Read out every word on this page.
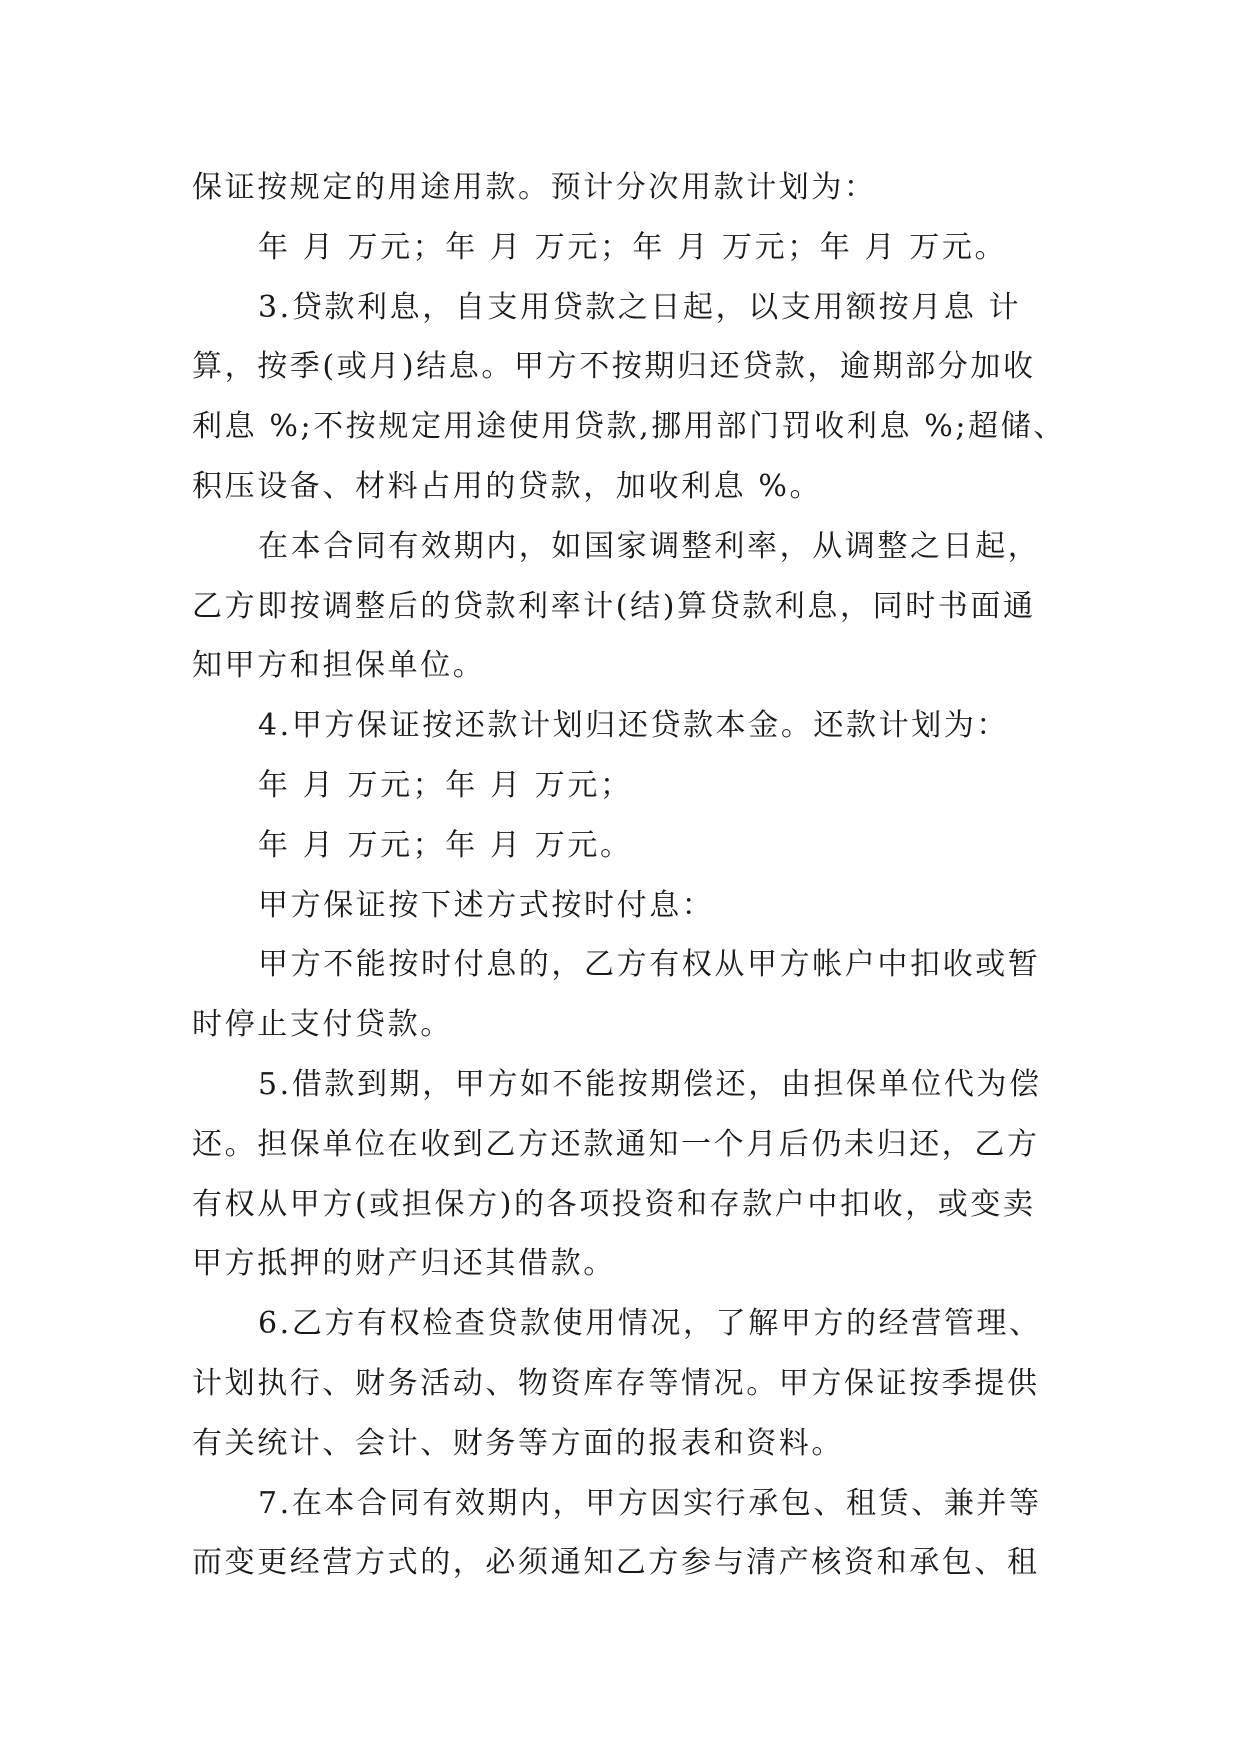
保证按规定的用途用款。预计分次用款计划为：
年 月 万元；年 月 万元；年 月 万元；年 月 万元。
3.贷款利息，自支用贷款之日起，以支用额按月息 计
算，按季(或月)结息。甲方不按期归还贷款，逾期部分加收
利息 %;不按规定用途使用贷款,挪用部门罚收利息 %;超储、
积压设备、材料占用的贷款，加收利息 %。
在本合同有效期内，如国家调整利率，从调整之日起，
乙方即按调整后的贷款利率计(结)算贷款利息，同时书面通
知甲方和担保单位。
4.甲方保证按还款计划归还贷款本金。还款计划为：
年 月 万元；年 月 万元；
年 月 万元；年 月 万元。
甲方保证按下述方式按时付息：
甲方不能按时付息的，乙方有权从甲方帐户中扣收或暂
时停止支付贷款。
5.借款到期，甲方如不能按期偿还，由担保单位代为偿
还。担保单位在收到乙方还款通知一个月后仍未归还，乙方
有权从甲方(或担保方)的各项投资和存款户中扣收，或变卖
甲方抵押的财产归还其借款。
6.乙方有权检查贷款使用情况，了解甲方的经营管理、
计划执行、财务活动、物资库存等情况。甲方保证按季提供
有关统计、会计、财务等方面的报表和资料。
7.在本合同有效期内，甲方因实行承包、租赁、兼并等
而变更经营方式的，必须通知乙方参与清产核资和承包、租
